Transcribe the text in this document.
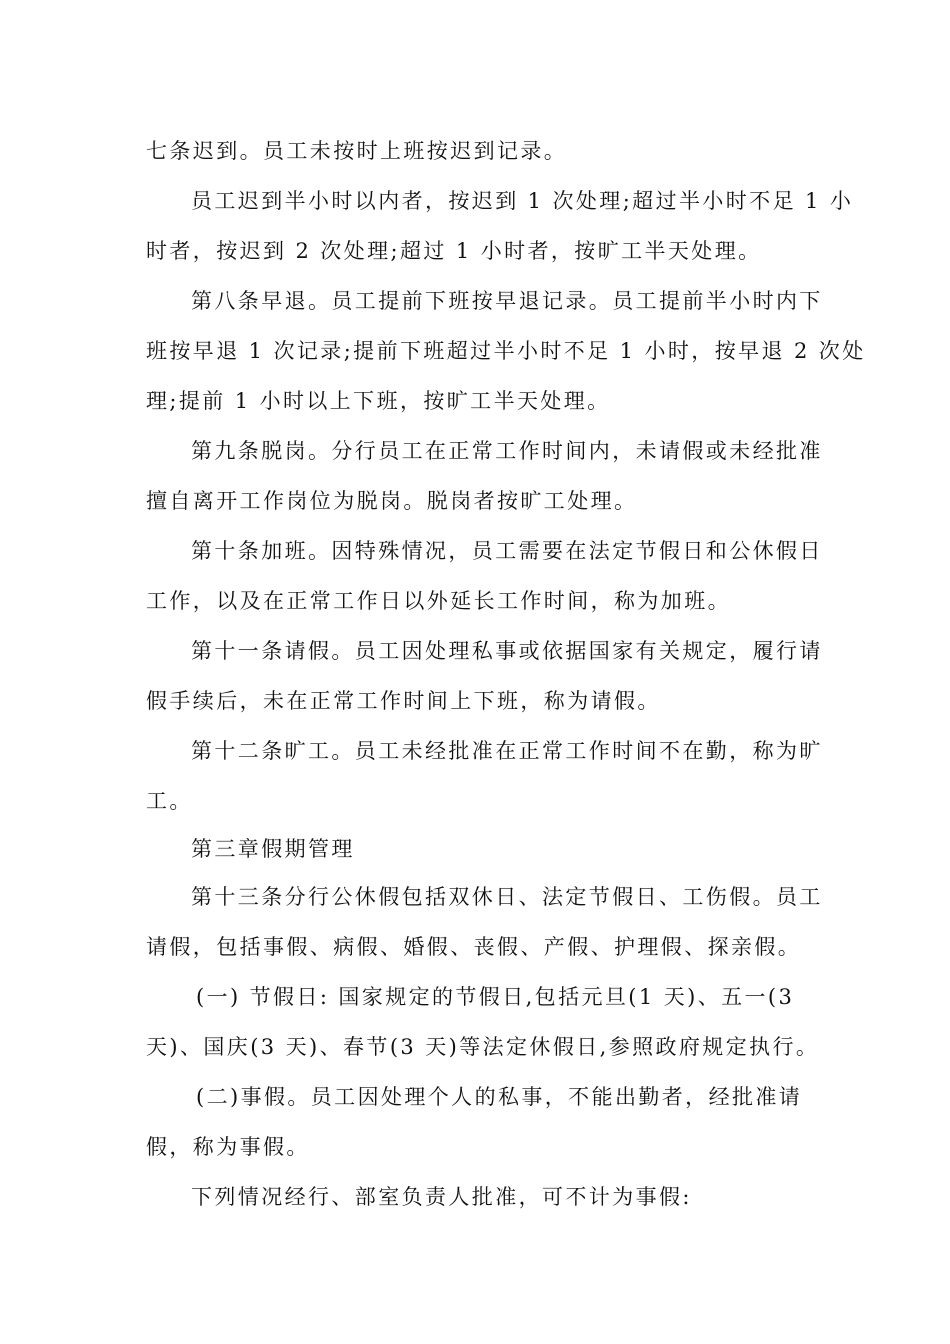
七条迟到。员工未按时上班按迟到记录。
员工迟到半小时以内者，按迟到 1 次处理;超过半小时不足 1 小
时者，按迟到 2 次处理;超过 1 小时者，按旷工半天处理。
第八条早退。员工提前下班按早退记录。员工提前半小时内下
班按早退 1 次记录;提前下班超过半小时不足 1 小时，按早退 2 次处
理;提前 1 小时以上下班，按旷工半天处理。
第九条脱岗。分行员工在正常工作时间内，未请假或未经批准
擅自离开工作岗位为脱岗。脱岗者按旷工处理。
第十条加班。因特殊情况，员工需要在法定节假日和公休假日
工作，以及在正常工作日以外延长工作时间，称为加班。
第十一条请假。员工因处理私事或依据国家有关规定，履行请
假手续后，未在正常工作时间上下班，称为请假。
第十二条旷工。员工未经批准在正常工作时间不在勤，称为旷
工。
第三章假期管理
第十三条分行公休假包括双休日、法定节假日、工伤假。员工
请假，包括事假、病假、婚假、丧假、产假、护理假、探亲假。
(一) 节假日: 国家规定的节假日,包括元旦(1 天)、五一(3
天)、国庆(3 天)、春节(3 天)等法定休假日,参照政府规定执行。
(二)事假。员工因处理个人的私事，不能出勤者，经批准请
假，称为事假。
下列情况经行、部室负责人批准，可不计为事假:
